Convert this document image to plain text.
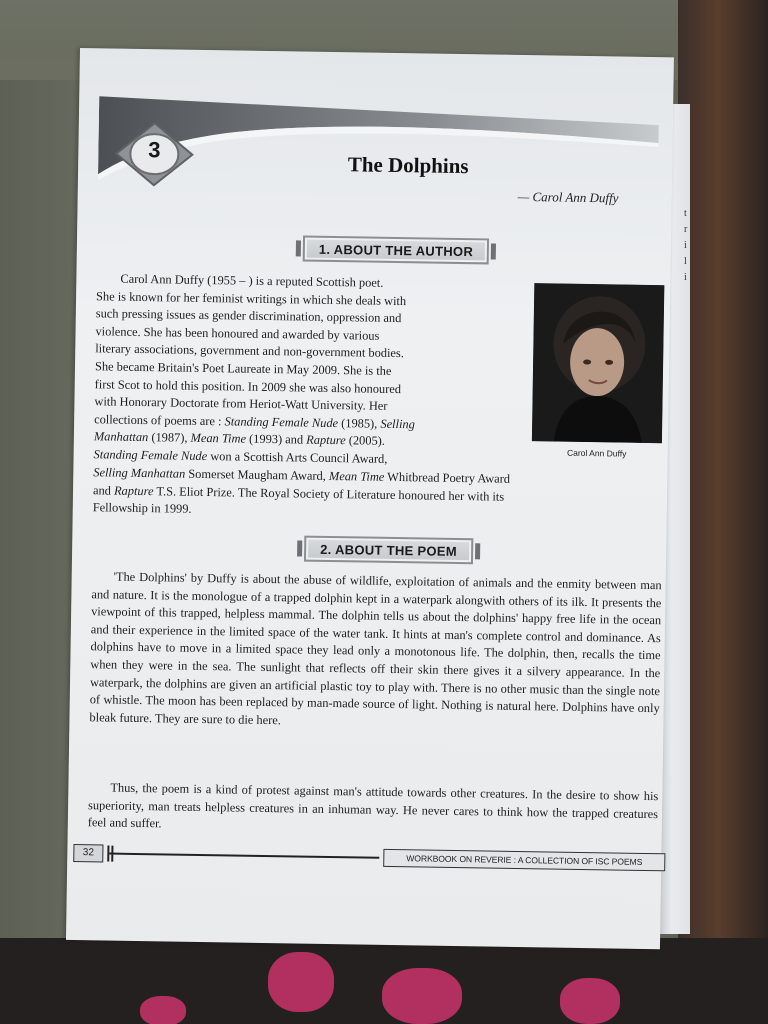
t
r
i
l
i
3
The Dolphins
— Carol Ann Duffy
1. ABOUT THE AUTHOR
Carol Ann Duffy
Carol Ann Duffy (1955 – ) is a reputed Scottish poet.
She is known for her feminist writings in which she deals with
such pressing issues as gender discrimination, oppression and
violence. She has been honoured and awarded by various
literary associations, government and non-government bodies.
She became Britain's Poet Laureate in May 2009. She is the
first Scot to hold this position. In 2009 she was also honoured
with Honorary Doctorate from Heriot-Watt University. Her
collections of poems are : Standing Female Nude (1985), Selling
Manhattan (1987), Mean Time (1993) and Rapture (2005).
Standing Female Nude won a Scottish Arts Council Award,
Selling Manhattan Somerset Maugham Award, Mean Time Whitbread Poetry Award
and Rapture T.S. Eliot Prize. The Royal Society of Literature honoured her with its
Fellowship in 1999.
2. ABOUT THE POEM
'The Dolphins' by Duffy is about the abuse of wildlife, exploitation of animals and the enmity between man and nature. It is the monologue of a trapped dolphin kept in a waterpark alongwith others of its ilk. It presents the viewpoint of this trapped, helpless mammal. The dolphin tells us about the dolphins' happy free life in the ocean and their experience in the limited space of the water tank. It hints at man's complete control and dominance. As dolphins have to move in a limited space they lead only a monotonous life. The dolphin, then, recalls the time when they were in the sea. The sunlight that reflects off their skin there gives it a silvery appearance. In the waterpark, the dolphins are given an artificial plastic toy to play with. There is no other music than the single note of whistle. The moon has been replaced by man-made source of light. Nothing is natural here. Dolphins have only bleak future. They are sure to die here.
Thus, the poem is a kind of protest against man's attitude towards other creatures. In the desire to show his superiority, man treats helpless creatures in an inhuman way. He never cares to think how the trapped creatures feel and suffer.
32
WORKBOOK ON REVERIE : A COLLECTION OF ISC POEMS
